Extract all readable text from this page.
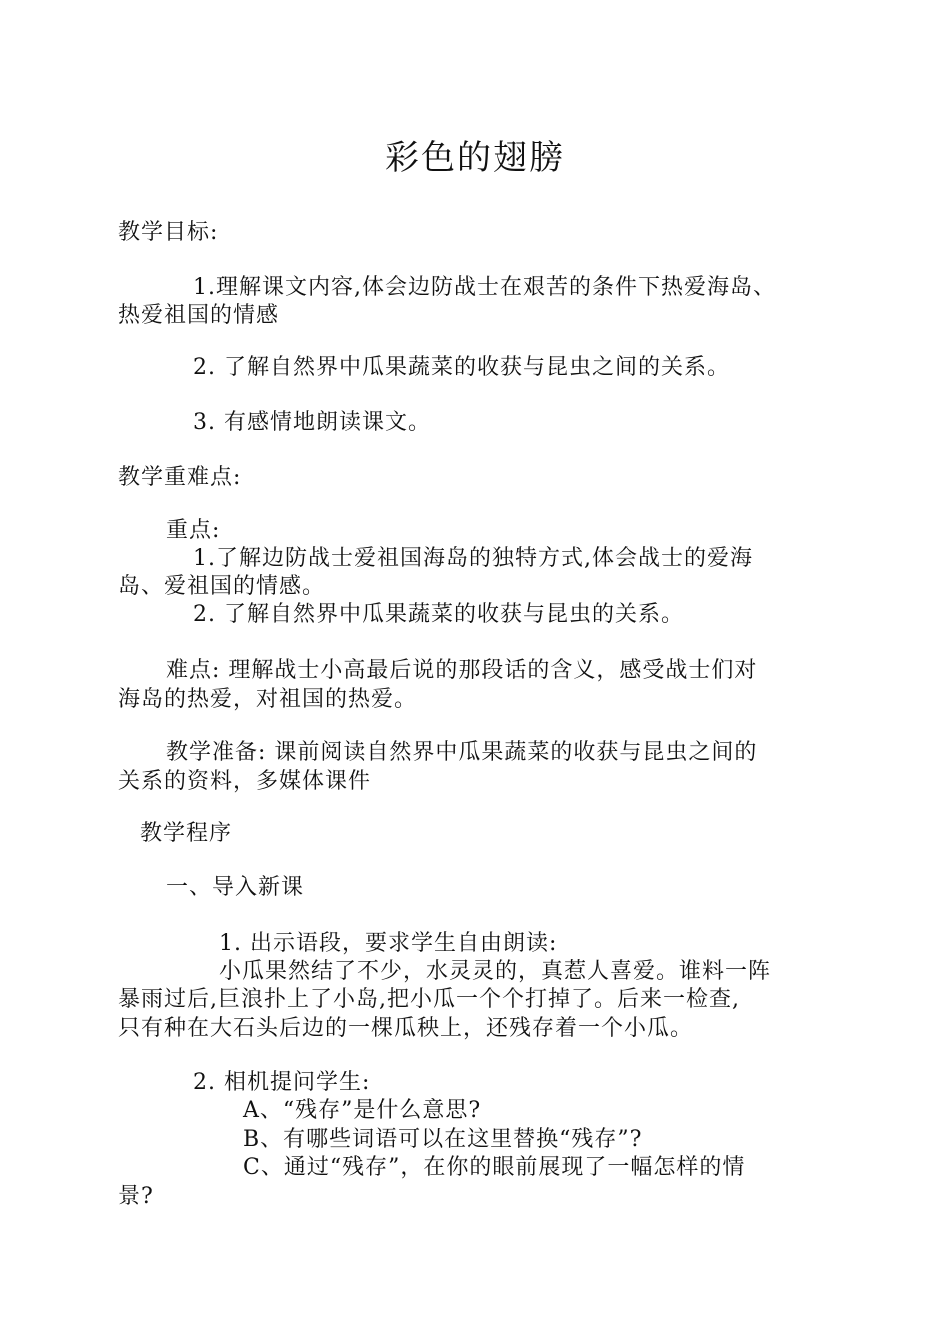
彩色的翅膀
教学目标:
1.理解课文内容,体会边防战士在艰苦的条件下热爱海岛、
热爱祖国的情感
2. 了解自然界中瓜果蔬菜的收获与昆虫之间的关系。
3. 有感情地朗读课文。
教学重难点:
重点:
1.了解边防战士爱祖国海岛的独特方式,体会战士的爱海
岛、爱祖国的情感。
2. 了解自然界中瓜果蔬菜的收获与昆虫的关系。
难点: 理解战士小高最后说的那段话的含义，感受战士们对
海岛的热爱，对祖国的热爱。
教学准备: 课前阅读自然界中瓜果蔬菜的收获与昆虫之间的
关系的资料，多媒体课件
教学程序
一、导入新课
1. 出示语段，要求学生自由朗读:
小瓜果然结了不少，水灵灵的，真惹人喜爱。谁料一阵
暴雨过后,巨浪扑上了小岛,把小瓜一个个打掉了。后来一检查,
只有种在大石头后边的一棵瓜秧上，还残存着一个小瓜。
2. 相机提问学生:
A、“残存”是什么意思?
B、有哪些词语可以在这里替换“残存”?
C、通过“残存”，在你的眼前展现了一幅怎样的情
景?
